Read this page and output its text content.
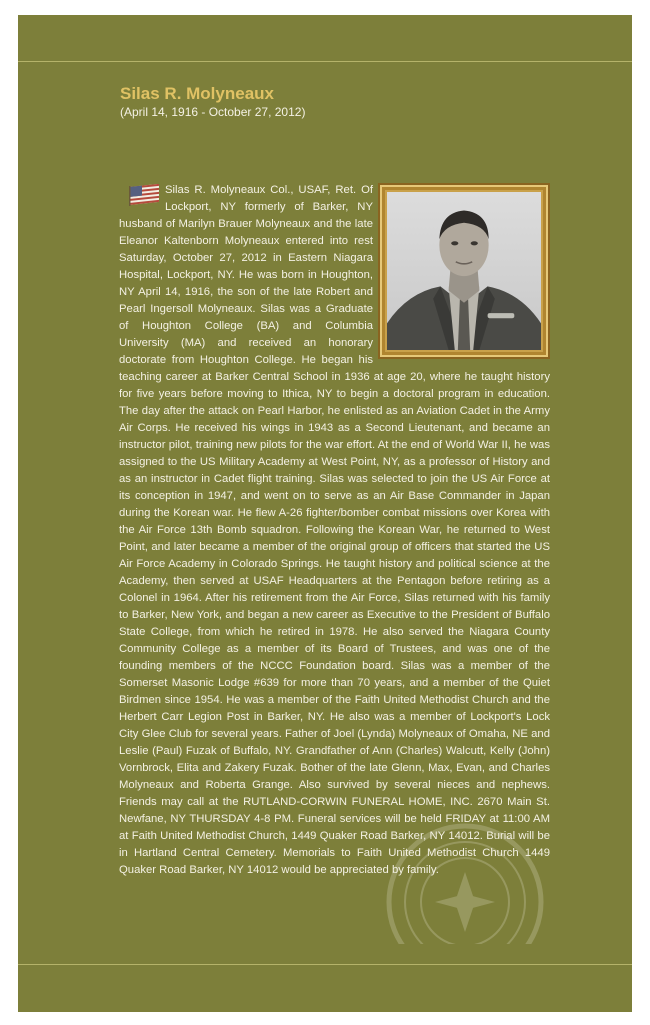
Silas R. Molyneaux
(April 14, 1916 - October 27, 2012)

Silas R. Molyneaux Col., USAF, Ret. Of Lockport, NY formerly of Barker, NY husband of Marilyn Brauer Molyneaux and the late Eleanor Kaltenborn Molyneaux entered into rest Saturday, October 27, 2012 in Eastern Niagara Hospital, Lockport, NY. He was born in Houghton, NY April 14, 1916, the son of the late Robert and Pearl Ingersoll Molyneaux. Silas was a Graduate of Houghton College (BA) and Columbia University (MA) and received an honorary doctorate from Houghton College. He began his teaching career at Barker Central School in 1936 at age 20, where he taught history for five years before moving to Ithica, NY to begin a doctoral program in education. The day after the attack on Pearl Harbor, he enlisted as an Aviation Cadet in the Army Air Corps. He received his wings in 1943 as a Second Lieutenant, and became an instructor pilot, training new pilots for the war effort. At the end of World War II, he was assigned to the US Military Academy at West Point, NY, as a professor of History and as an instructor in Cadet flight training. Silas was selected to join the US Air Force at its conception in 1947, and went on to serve as an Air Base Commander in Japan during the Korean war. He flew A-26 fighter/bomber combat missions over Korea with the Air Force 13th Bomb squadron. Following the Korean War, he returned to West Point, and later became a member of the original group of officers that started the US Air Force Academy in Colorado Springs. He taught history and political science at the Academy, then served at USAF Headquarters at the Pentagon before retiring as a Colonel in 1964. After his retirement from the Air Force, Silas returned with his family to Barker, New York, and began a new career as Executive to the President of Buffalo State College, from which he retired in 1978. He also served the Niagara County Community College as a member of its Board of Trustees, and was one of the founding members of the NCCC Foundation board. Silas was a member of the Somerset Masonic Lodge #639 for more than 70 years, and a member of the Quiet Birdmen since 1954. He was a member of the Faith United Methodist Church and the Herbert Carr Legion Post in Barker, NY. He also was a member of Lockport's Lock City Glee Club for several years. Father of Joel (Lynda) Molyneaux of Omaha, NE and Leslie (Paul) Fuzak of Buffalo, NY. Grandfather of Ann (Charles) Walcutt, Kelly (John) Vornbrock, Elita and Zakery Fuzak. Bother of the late Glenn, Max, Evan, and Charles Molyneaux and Roberta Grange. Also survived by several nieces and nephews. Friends may call at the RUTLAND-CORWIN FUNERAL HOME, INC. 2670 Main St. Newfane, NY THURSDAY 4-8 PM. Funeral services will be held FRIDAY at 11:00 AM at Faith United Methodist Church, 1449 Quaker Road Barker, NY 14012. Burial will be in Hartland Central Cemetery. Memorials to Faith United Methodist Church 1449 Quaker Road Barker, NY 14012 would be appreciated by family.
